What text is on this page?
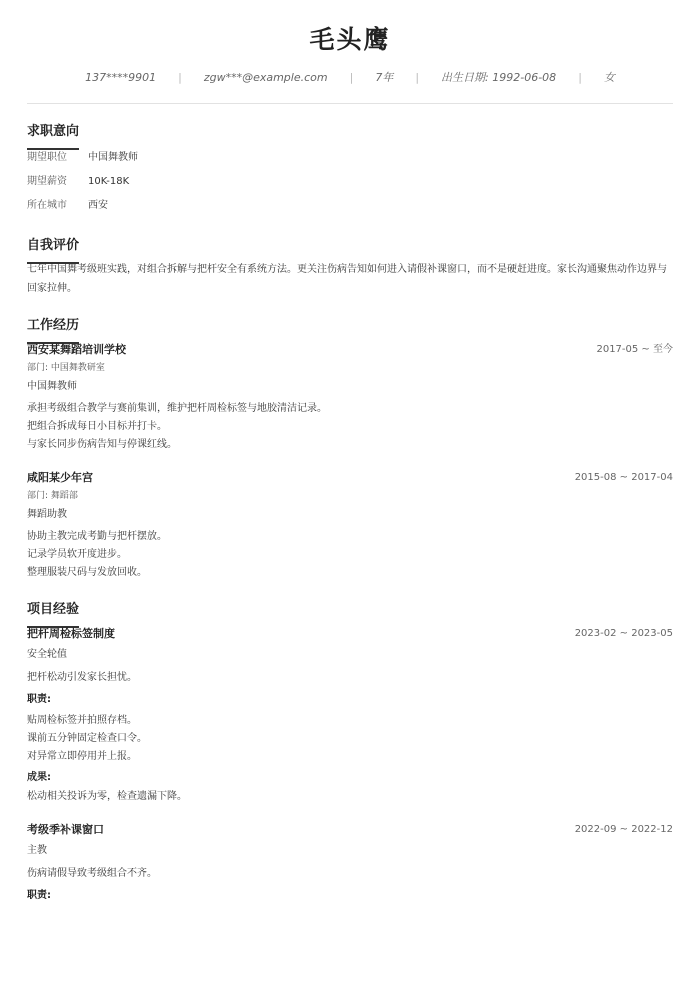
毛头鹰
137****9901 | zgw***@example.com | 7年 | 出生日期: 1992-06-08 | 女
求职意向
期望职位	中国舞教师
期望薪资	10K-18K
所在城市	西安
自我评价
七年中国舞考级班实践，对组合拆解与把杆安全有系统方法。更关注伤病告知如何进入请假补课窗口，而不是硬赶进度。家长沟通聚焦动作边界与回家拉伸。
工作经历
西安某舞蹈培训学校	2017-05 ~ 至今
部门: 中国舞教研室
中国舞教师
承担考级组合教学与赛前集训，维护把杆周检标签与地胶清洁记录。
把组合拆成每日小目标并打卡。
与家长同步伤病告知与停课红线。
咸阳某少年宫	2015-08 ~ 2017-04
部门: 舞蹈部
舞蹈助教
协助主教完成考勤与把杆摆放。
记录学员软开度进步。
整理服装尺码与发放回收。
项目经验
把杆周检标签制度	2023-02 ~ 2023-05
安全轮值
把杆松动引发家长担忧。
职责:
贴周检标签并拍照存档。
课前五分钟固定检查口令。
对异常立即停用并上报。
成果:
松动相关投诉为零，检查遗漏下降。
考级季补课窗口	2022-09 ~ 2022-12
主教
伤病请假导致考级组合不齐。
职责:
